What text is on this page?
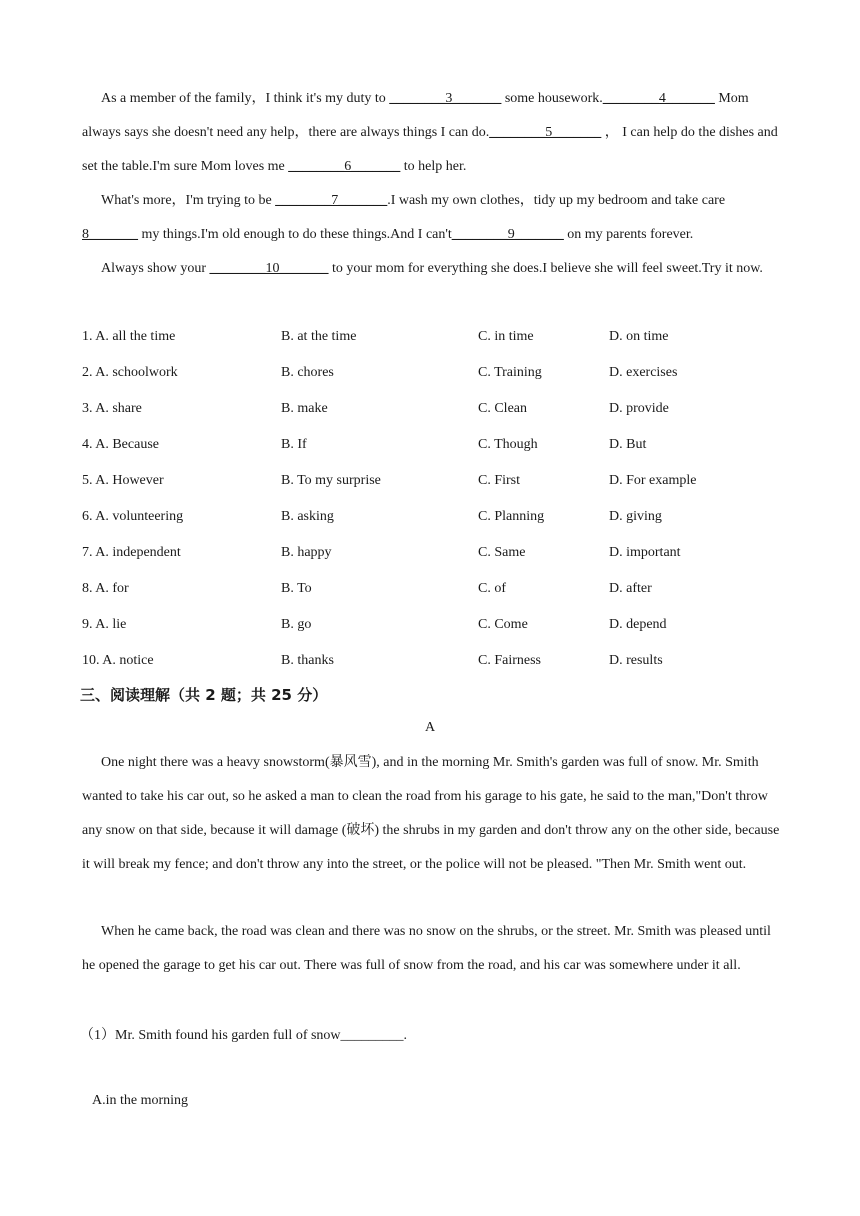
As a member of the family，I think it's my duty to ________3_______ some housework.________4_______ Mom always says she doesn't need any help，there are always things I can do.________5_______ ， I can help do the dishes and set the table.I'm sure Mom loves me ________6_______ to help her.

What's more，I'm trying to be ________7_______.I wash my own clothes，tidy up my bedroom and take care 8_______ my things.I'm old enough to do these things.And I can't________9_______ on my parents forever.

Always show your ________10_______ to your mom for everything she does.I believe she will feel sweet.Try it now.

1. A. all the time	B. at the time	C. in time	D. on time
2. A. schoolwork	B. chores	C. Training	D. exercises
3. A. share	B. make	C. Clean	D. provide
4. A. Because	B. If	C. Though	D. But
5. A. However	B. To my surprise	C. First	D. For example
6. A. volunteering	B. asking	C. Planning	D. giving
7. A. independent	B. happy	C. Same	D. important
8. A. for	B. To	C. of	D. after
9. A. lie	B. go	C. Come	D. depend
10. A. notice	B. thanks	C. Fairness	D. results
三、阅读理解（共 2 题；共 25 分）
A

One night there was a heavy snowstorm(暴风雪), and in the morning Mr. Smith's garden was full of snow. Mr. Smith wanted to take his car out, so he asked a man to clean the road from his garage to his gate, he said to the man,"Don't throw any snow on that side, because it will damage (破坏) the shrubs in my garden and don't throw any on the other side, because it will break my fence; and don't throw any into the street, or the police will not be pleased. "Then Mr. Smith went out.

When he came back, the road was clean and there was no snow on the shrubs, or the street. Mr. Smith was pleased until he opened the garage to get his car out. There was full of snow from the road, and his car was somewhere under it all.

（1）Mr. Smith found his garden full of snow_________.
A.in the morning
